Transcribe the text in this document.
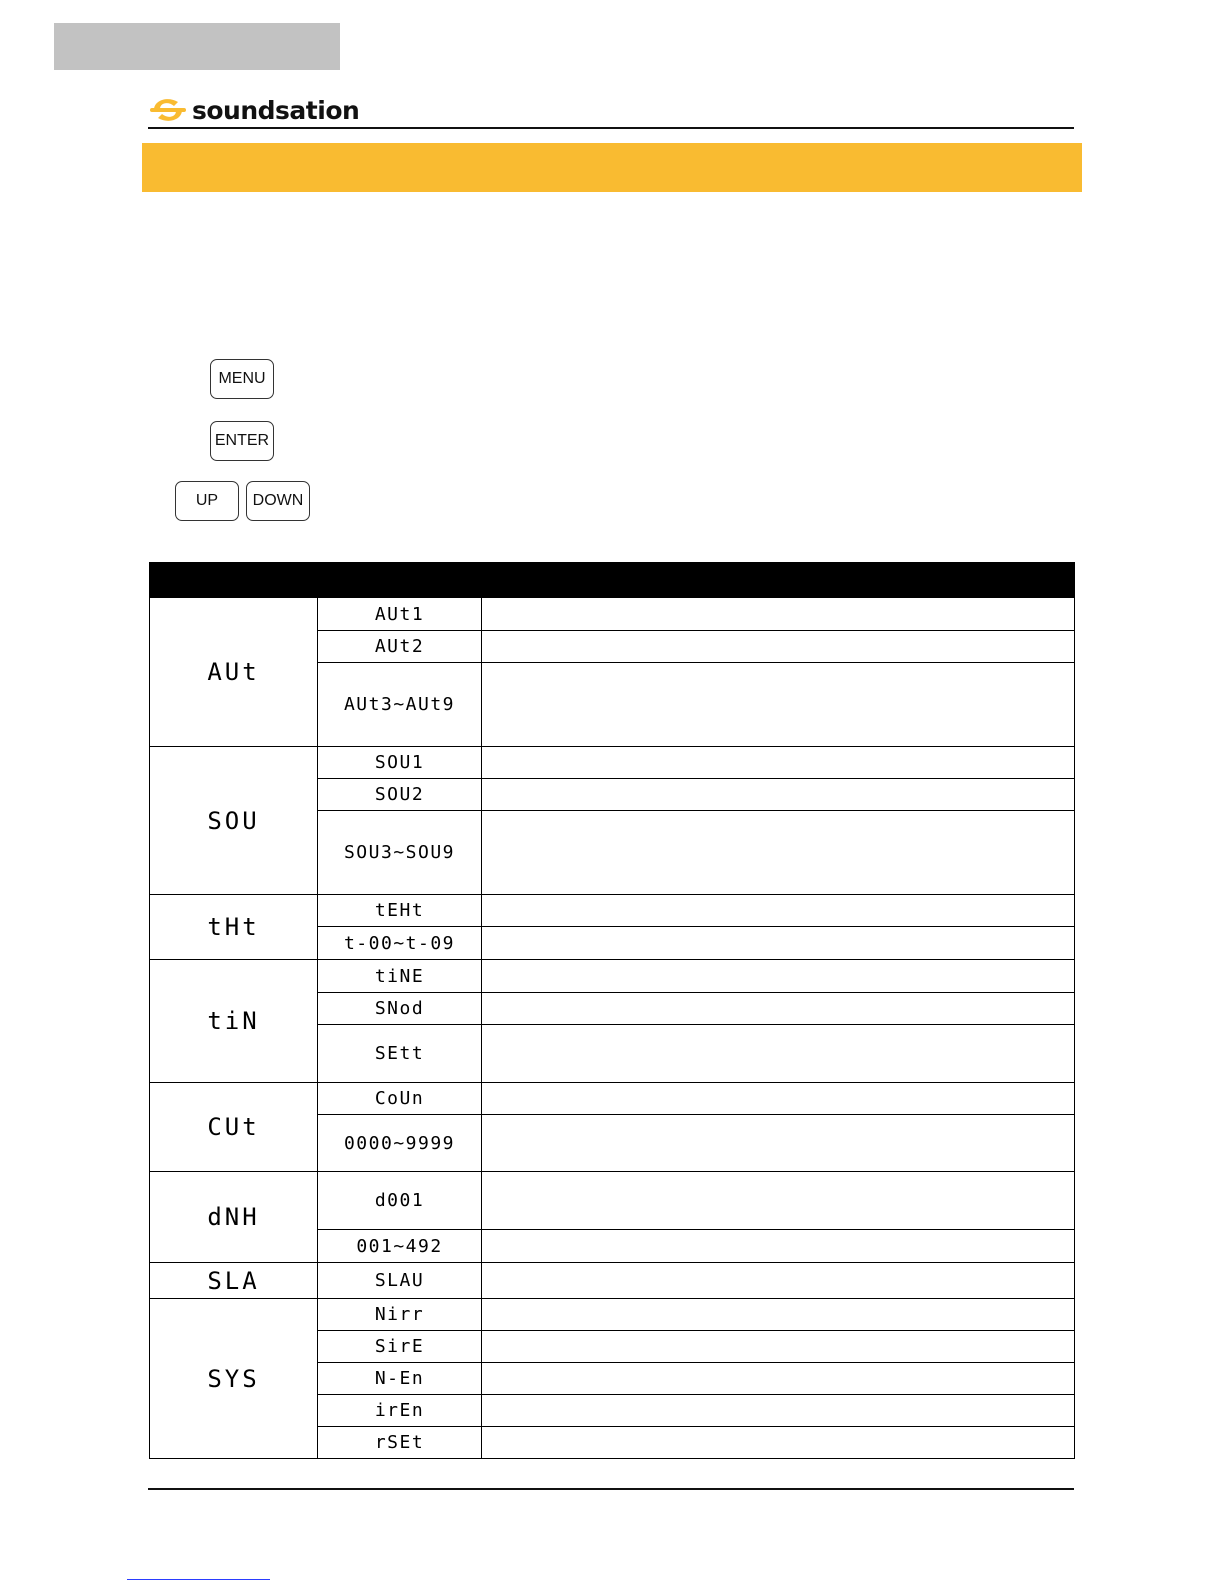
soundsation
MENU
ENTER
UP	DOWN

AUt	AUt1	
	AUt2	
	AUt3~AUt9	
SOU	SOU1	
	SOU2	
	SOU3~SOU9	
tHt	tEHt	
	t-00~t-09	
tiN	tiNE	
	SNod	
	SEtt	
CUt	CoUn	
	0000~9999	
dNH	d001	
	001~492	
SLA	SLAU	
SYS	Nirr	
	SirE	
	N-En	
	irEn	
	rSEt	
